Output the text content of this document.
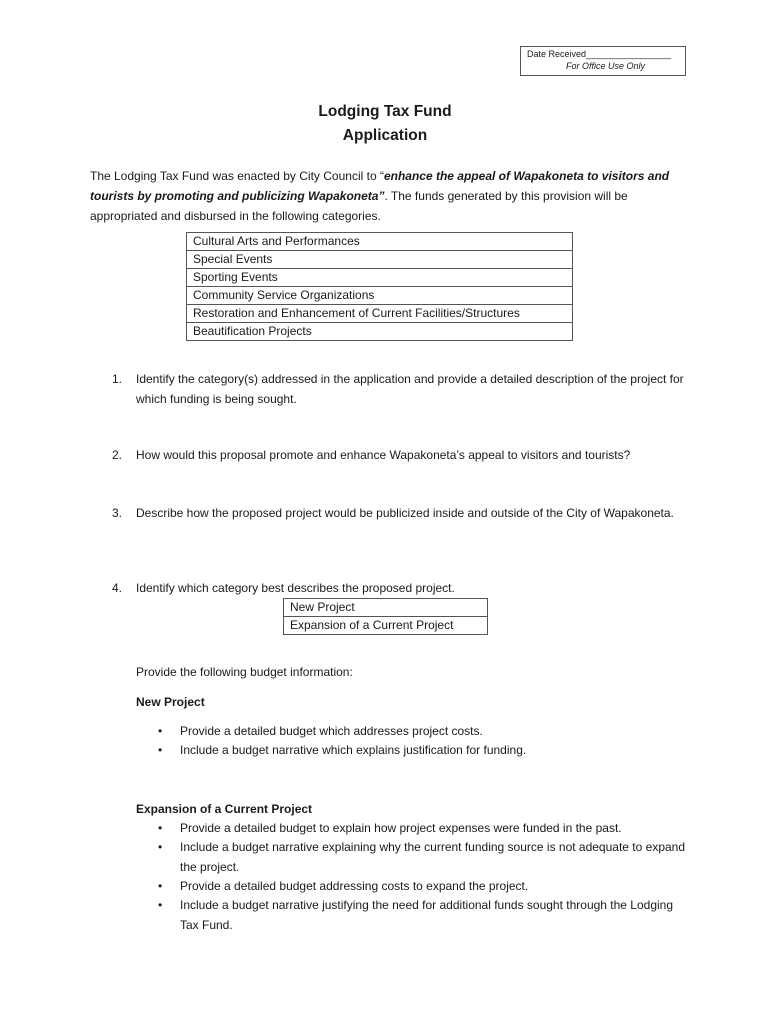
Date Received_________________
For Office Use Only
Lodging Tax Fund
Application
The Lodging Tax Fund was enacted by City Council to “enhance the appeal of Wapakoneta to visitors and tourists by promoting and publicizing Wapakoneta”. The funds generated by this provision will be appropriated and disbursed in the following categories.
Cultural Arts and Performances
Special Events
Sporting Events
Community Service Organizations
Restoration and Enhancement of Current Facilities/Structures
Beautification Projects
1. Identify the category(s) addressed in the application and provide a detailed description of the project for which funding is being sought.
2. How would this proposal promote and enhance Wapakoneta’s appeal to visitors and tourists?
3. Describe how the proposed project would be publicized inside and outside of the City of Wapakoneta.
4. Identify which category best describes the proposed project.
New Project
Expansion of a Current Project
Provide the following budget information:
New Project
• Provide a detailed budget which addresses project costs.
• Include a budget narrative which explains justification for funding.
Expansion of a Current Project
• Provide a detailed budget to explain how project expenses were funded in the past.
• Include a budget narrative explaining why the current funding source is not adequate to expand the project.
• Provide a detailed budget addressing costs to expand the project.
• Include a budget narrative justifying the need for additional funds sought through the Lodging Tax Fund.
